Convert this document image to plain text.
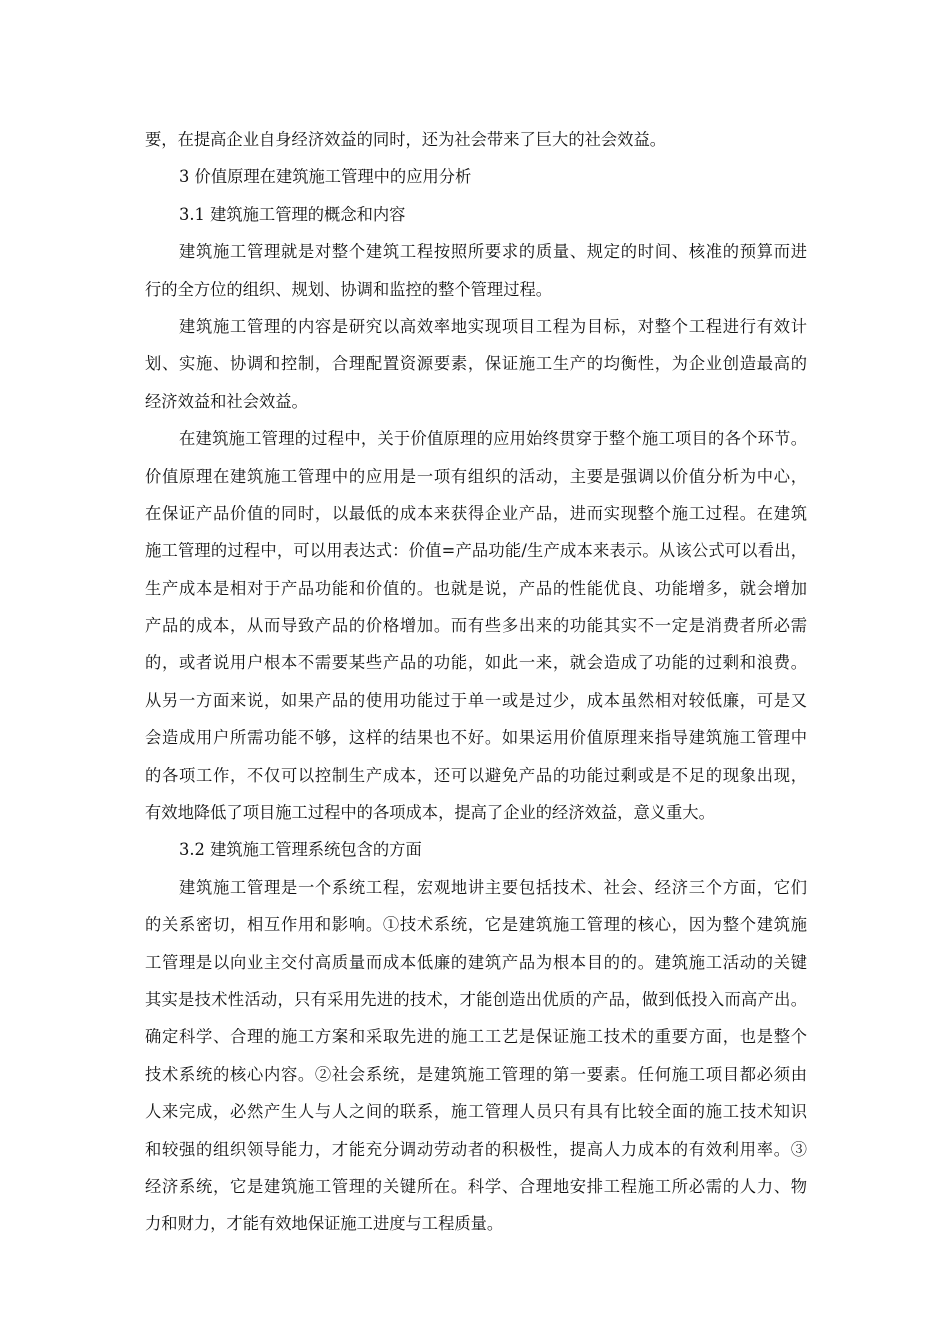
要，在提高企业自身经济效益的同时，还为社会带来了巨大的社会效益。
3 价值原理在建筑施工管理中的应用分析
3.1 建筑施工管理的概念和内容
建筑施工管理就是对整个建筑工程按照所要求的质量、规定的时间、核准的预算而进
行的全方位的组织、规划、协调和监控的整个管理过程。
建筑施工管理的内容是研究以高效率地实现项目工程为目标，对整个工程进行有效计
划、实施、协调和控制，合理配置资源要素，保证施工生产的均衡性，为企业创造最高的
经济效益和社会效益。
在建筑施工管理的过程中，关于价值原理的应用始终贯穿于整个施工项目的各个环节。
价值原理在建筑施工管理中的应用是一项有组织的活动，主要是强调以价值分析为中心，
在保证产品价值的同时，以最低的成本来获得企业产品，进而实现整个施工过程。在建筑
施工管理的过程中，可以用表达式：价值=产品功能/生产成本来表示。从该公式可以看出，
生产成本是相对于产品功能和价值的。也就是说，产品的性能优良、功能增多，就会增加
产品的成本，从而导致产品的价格增加。而有些多出来的功能其实不一定是消费者所必需
的，或者说用户根本不需要某些产品的功能，如此一来，就会造成了功能的过剩和浪费。
从另一方面来说，如果产品的使用功能过于单一或是过少，成本虽然相对较低廉，可是又
会造成用户所需功能不够，这样的结果也不好。如果运用价值原理来指导建筑施工管理中
的各项工作，不仅可以控制生产成本，还可以避免产品的功能过剩或是不足的现象出现，
有效地降低了项目施工过程中的各项成本，提高了企业的经济效益，意义重大。
3.2 建筑施工管理系统包含的方面
建筑施工管理是一个系统工程，宏观地讲主要包括技术、社会、经济三个方面，它们
的关系密切，相互作用和影响。①技术系统，它是建筑施工管理的核心，因为整个建筑施
工管理是以向业主交付高质量而成本低廉的建筑产品为根本目的的。建筑施工活动的关键
其实是技术性活动，只有采用先进的技术，才能创造出优质的产品，做到低投入而高产出。
确定科学、合理的施工方案和采取先进的施工工艺是保证施工技术的重要方面，也是整个
技术系统的核心内容。②社会系统，是建筑施工管理的第一要素。任何施工项目都必须由
人来完成，必然产生人与人之间的联系，施工管理人员只有具有比较全面的施工技术知识
和较强的组织领导能力，才能充分调动劳动者的积极性，提高人力成本的有效利用率。③
经济系统，它是建筑施工管理的关键所在。科学、合理地安排工程施工所必需的人力、物
力和财力，才能有效地保证施工进度与工程质量。
